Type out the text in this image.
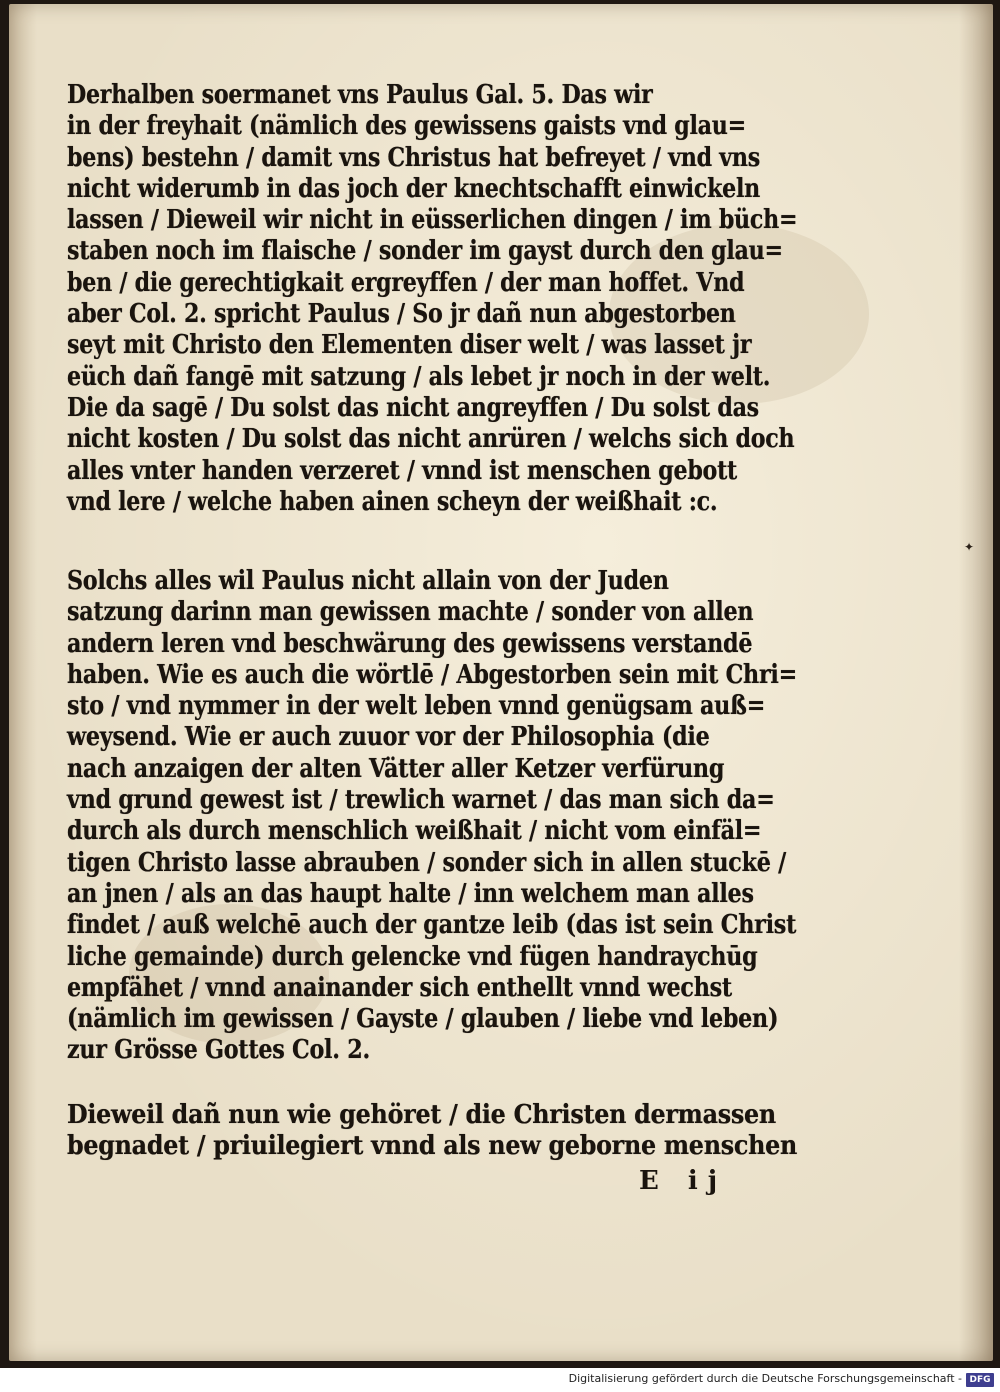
Derhalben soermanet vns Paulus Gal. 5. Das wir
in der freyhait (nämlich des gewissens gaists vnd glau=
bens) bestehn / damit vns Christus hat befreyet / vnd vns
nicht widerumb in das joch der knechtschafft einwickeln
lassen / Dieweil wir nicht in eüsserlichen dingen / im büch=
staben noch im flaische / sonder im gayst durch den glau=
ben / die gerechtigkait ergreyffen / der man hoffet. Vnd
aber Col. 2. spricht Paulus / So jr dañ nun abgestorben
seyt mit Christo den Elementen diser welt / was lasset jr
eüch dañ fangē mit satzung / als lebet jr noch in der welt.
Die da sagē / Du solst das nicht angreyffen / Du solst das
nicht kosten / Du solst das nicht anrüren / welchs sich doch
alles vnter handen verzeret / vnnd ist menschen gebott
vnd lere / welche haben ainen scheyn der weißhait :c.
Solchs alles wil Paulus nicht allain von der Juden
satzung darinn man gewissen machte / sonder von allen
andern leren vnd beschwärung des gewissens verstandē
haben. Wie es auch die wörtlē / Abgestorben sein mit Chri=
sto / vnd nymmer in der welt leben vnnd genügsam auß=
weysend. Wie er auch zuuor vor der Philosophia (die
nach anzaigen der alten Vätter aller Ketzer verfürung
vnd grund gewest ist / trewlich warnet / das man sich da=
durch als durch menschlich weißhait / nicht vom einfäl=
tigen Christo lasse abrauben / sonder sich in allen stuckē /
an jnen / als an das haupt halte / inn welchem man alles
findet / auß welchē auch der gantze leib (das ist sein Christ
liche gemainde) durch gelencke vnd fügen handraychūg
empfähet / vnnd anainander sich enthellt vnnd wechst
(nämlich im gewissen / Gayste / glauben / liebe vnd leben)
zur Grösse Gottes Col. 2.
Dieweil dañ nun wie gehöret / die Christen dermassen
begnadet / priuilegiert vnnd als new geborne menschen
E ij
✦
Digitalisierung gefördert durch die Deutsche Forschungsgemeinschaft - DFG
